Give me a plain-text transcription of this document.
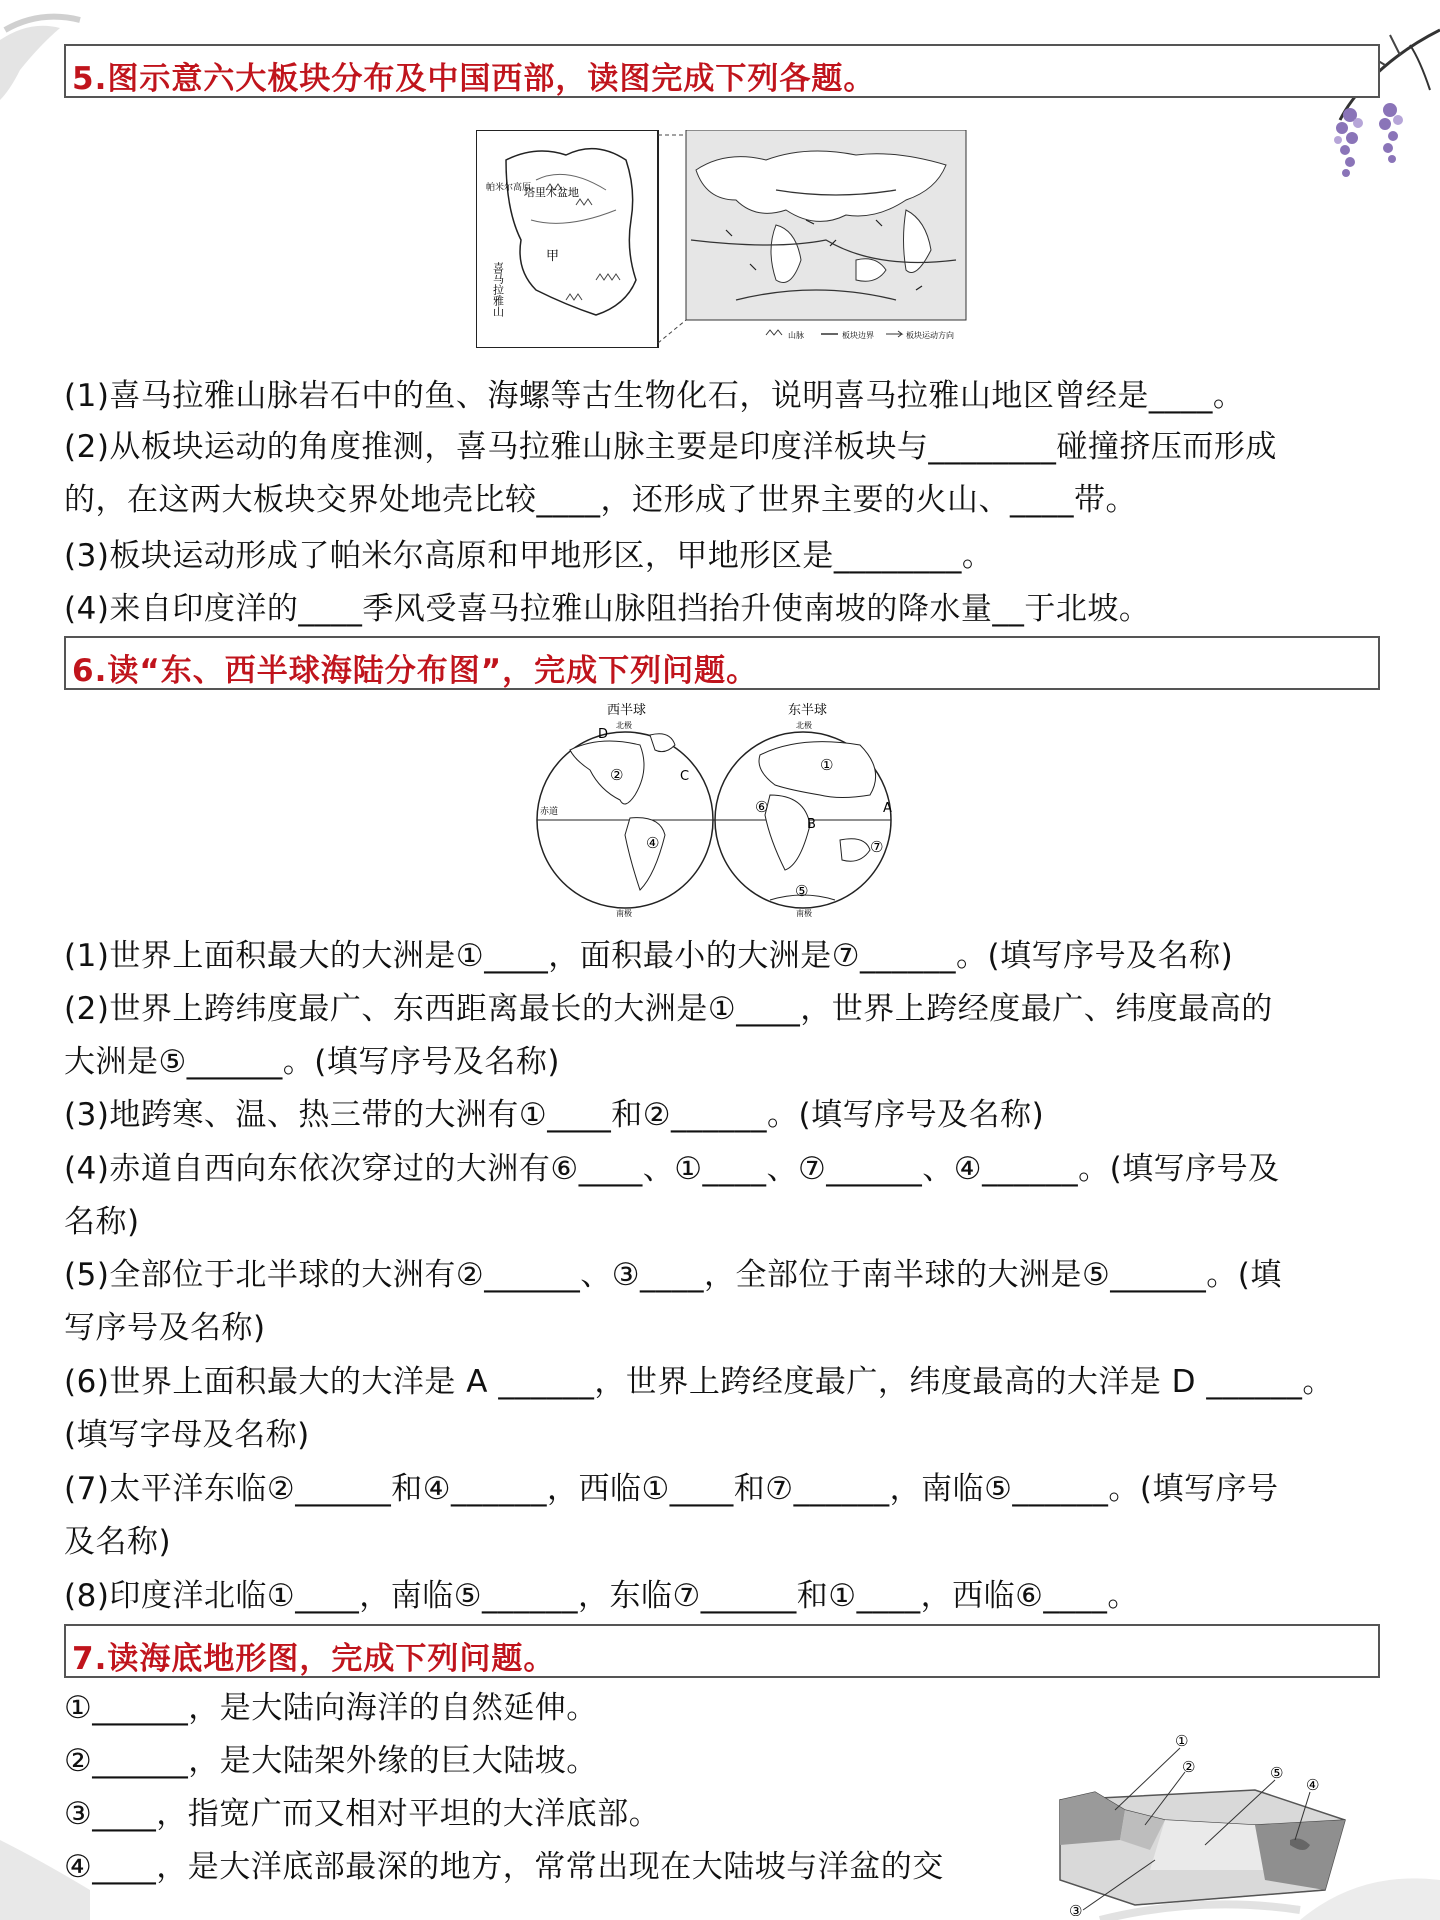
5.图示意六大板块分布及中国西部，读图完成下列各题。
塔里木盆地
帕米尔高原
甲
喜马拉雅山
山脉	板块边界	板块运动方向
(1)喜马拉雅山脉岩石中的鱼、海螺等古生物化石，说明喜马拉雅山地区曾经是____。
(2)从板块运动的角度推测，喜马拉雅山脉主要是印度洋板块与________碰撞挤压而形成
的，在这两大板块交界处地壳比较____，还形成了世界主要的火山、____带。
(3)板块运动形成了帕米尔高原和甲地形区，甲地形区是________。
(4)来自印度洋的____季风受喜马拉雅山脉阻挡抬升使南坡的降水量__于北坡。
6.读“东、西半球海陆分布图”，完成下列问题。
西半球	东半球
北极	北极
赤道
D
②	C
④
①
⑥
B
A
⑦
⑤
南极	南极
(1)世界上面积最大的大洲是①____，面积最小的大洲是⑦______。(填写序号及名称)
(2)世界上跨纬度最广、东西距离最长的大洲是①____，世界上跨经度最广、纬度最高的
大洲是⑤______。(填写序号及名称)
(3)地跨寒、温、热三带的大洲有①____和②______。(填写序号及名称)
(4)赤道自西向东依次穿过的大洲有⑥____、①____、⑦______、④______。(填写序号及
名称)
(5)全部位于北半球的大洲有②______、③____，全部位于南半球的大洲是⑤______。(填
写序号及名称)
(6)世界上面积最大的大洋是 A ______，世界上跨经度最广，纬度最高的大洋是 D ______。
(填写字母及名称)
(7)太平洋东临②______和④______，西临①____和⑦______，南临⑤______。(填写序号
及名称)
(8)印度洋北临①____，南临⑤______，东临⑦______和①____，西临⑥____。
7.读海底地形图，完成下列问题。
①______，是大陆向海洋的自然延伸。
②______，是大陆架外缘的巨大陆坡。
③____，指宽广而又相对平坦的大洋底部。
④____，是大洋底部最深的地方，常常出现在大陆坡与洋盆的交
①
②	⑤
④
③
